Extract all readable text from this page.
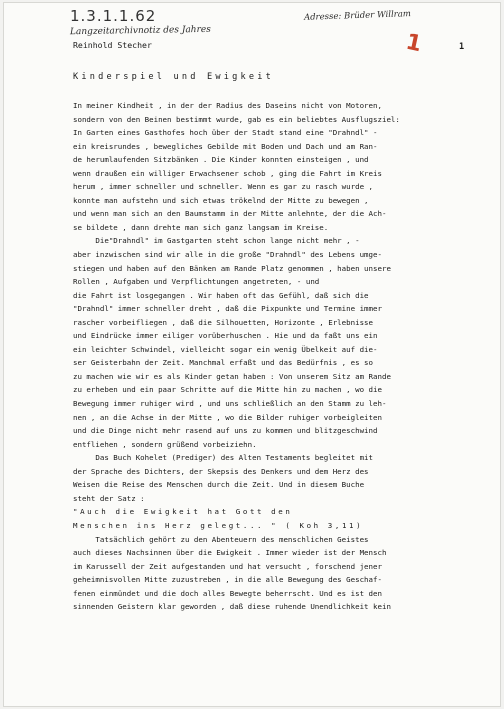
1.3.1.1.62
Langzeitarchivnotiz des Jahres
Adresse: Brüder Willram
1
Reinhold Stecher	1
Kinderspiel und Ewigkeit
In meiner Kindheit , in der der Radius des Daseins nicht von Motoren,
sondern von den Beinen bestimmt wurde, gab es ein beliebtes Ausflugsziel:
In Garten eines Gasthofes hoch über der Stadt stand eine "Drahndl" -
ein kreisrundes , bewegliches Gebilde mit Boden und Dach und am Ran-
de herumlaufenden Sitzbänken . Die Kinder konnten einsteigen , und
wenn draußen ein williger Erwachsener schob , ging die Fahrt im Kreis
herum , immer schneller und schneller. Wenn es gar zu rasch wurde ,
konnte man aufstehn und sich etwas trökelnd der Mitte zu bewegen ,
und wenn man sich an den Baumstamm in der Mitte anlehnte, der die Ach-
se bildete , dann drehte man sich ganz langsam im Kreise.
Die"Drahndl" im Gastgarten steht schon lange nicht mehr , -
aber inzwischen sind wir alle in die große "Drahndl" des Lebens umge-
stiegen und haben auf den Bänken am Rande Platz genommen , haben unsere
Rollen , Aufgaben und Verpflichtungen angetreten, - und
die Fahrt ist losgegangen . Wir haben oft das Gefühl, daß sich die
"Drahndl" immer schneller dreht , daß die Pixpunkte und Termine immer
rascher vorbeifliegen , daß die Silhouetten, Horizonte , Erlebnisse
und Eindrücke immer eiliger vorüberhuschen . Hie und da faßt uns ein
ein leichter Schwindel, vielleicht sogar ein wenig Übelkeit auf die-
ser Geisterbahn der Zeit. Manchmal erfaßt und das Bedürfnis , es so
zu machen wie wir es als Kinder getan haben : Von unserem Sitz am Rande
zu erheben und ein paar Schritte auf die Mitte hin zu machen , wo die
Bewegung immer ruhiger wird , und uns schließlich an den Stamm zu leh-
nen , an die Achse in der Mitte , wo die Bilder ruhiger vorbeigleiten
und die Dinge nicht mehr rasend auf uns zu kommen und blitzgeschwind
entfliehen , sondern grüßend vorbeiziehn.
Das Buch Kohelet (Prediger) des Alten Testaments begleitet mit
der Sprache des Dichters, der Skepsis des Denkers und dem Herz des
Weisen die Reise des Menschen durch die Zeit. Und in diesem Buche
steht der Satz :
"Auch die Ewigkeit hat Gott den
Menschen ins Herz gelegt... " ( Koh 3,11)
Tatsächlich gehört zu den Abenteuern des menschlichen Geistes
auch dieses Nachsinnen über die Ewigkeit . Immer wieder ist der Mensch
im Karussell der Zeit aufgestanden und hat versucht , forschend jener
geheimnisvollen Mitte zuzustreben , in die alle Bewegung des Geschaf-
fenen einmündet und die doch alles Bewegte beherrscht. Und es ist den
sinnenden Geistern klar geworden , daß diese ruhende Unendlichkeit kein
